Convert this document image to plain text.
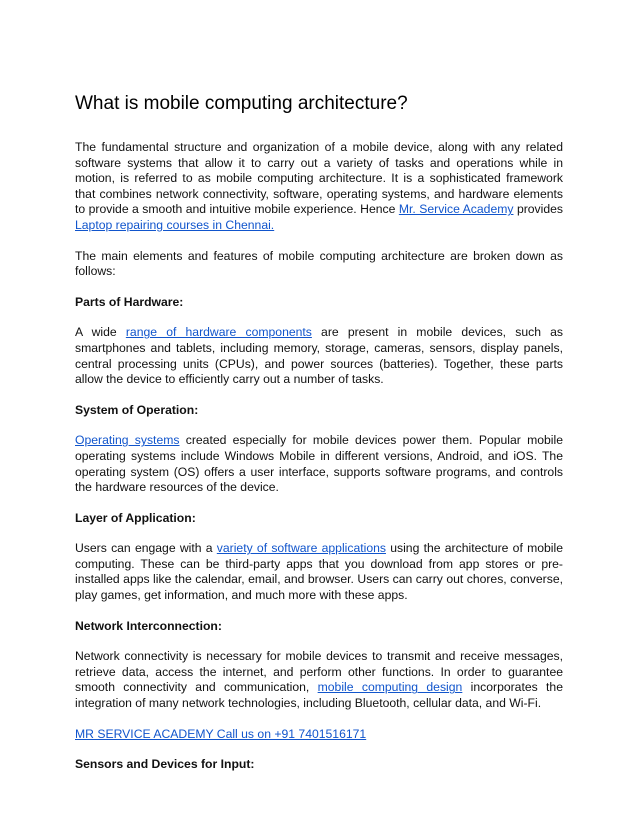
What is mobile computing architecture?

The fundamental structure and organization of a mobile device, along with any related software systems that allow it to carry out a variety of tasks and operations while in motion, is referred to as mobile computing architecture. It is a sophisticated framework that combines network connectivity, software, operating systems, and hardware elements to provide a smooth and intuitive mobile experience. Hence Mr. Service Academy provides Laptop repairing courses in Chennai.

The main elements and features of mobile computing architecture are broken down as follows:

Parts of Hardware:

A wide range of hardware components are present in mobile devices, such as smartphones and tablets, including memory, storage, cameras, sensors, display panels, central processing units (CPUs), and power sources (batteries). Together, these parts allow the device to efficiently carry out a number of tasks.

System of Operation:

Operating systems created especially for mobile devices power them. Popular mobile operating systems include Windows Mobile in different versions, Android, and iOS. The operating system (OS) offers a user interface, supports software programs, and controls the hardware resources of the device.

Layer of Application:

Users can engage with a variety of software applications using the architecture of mobile computing. These can be third-party apps that you download from app stores or pre-installed apps like the calendar, email, and browser. Users can carry out chores, converse, play games, get information, and much more with these apps.

Network Interconnection:

Network connectivity is necessary for mobile devices to transmit and receive messages, retrieve data, access the internet, and perform other functions. In order to guarantee smooth connectivity and communication, mobile computing design incorporates the integration of many network technologies, including Bluetooth, cellular data, and Wi-Fi.

MR SERVICE ACADEMY Call us on +91 7401516171

Sensors and Devices for Input:
